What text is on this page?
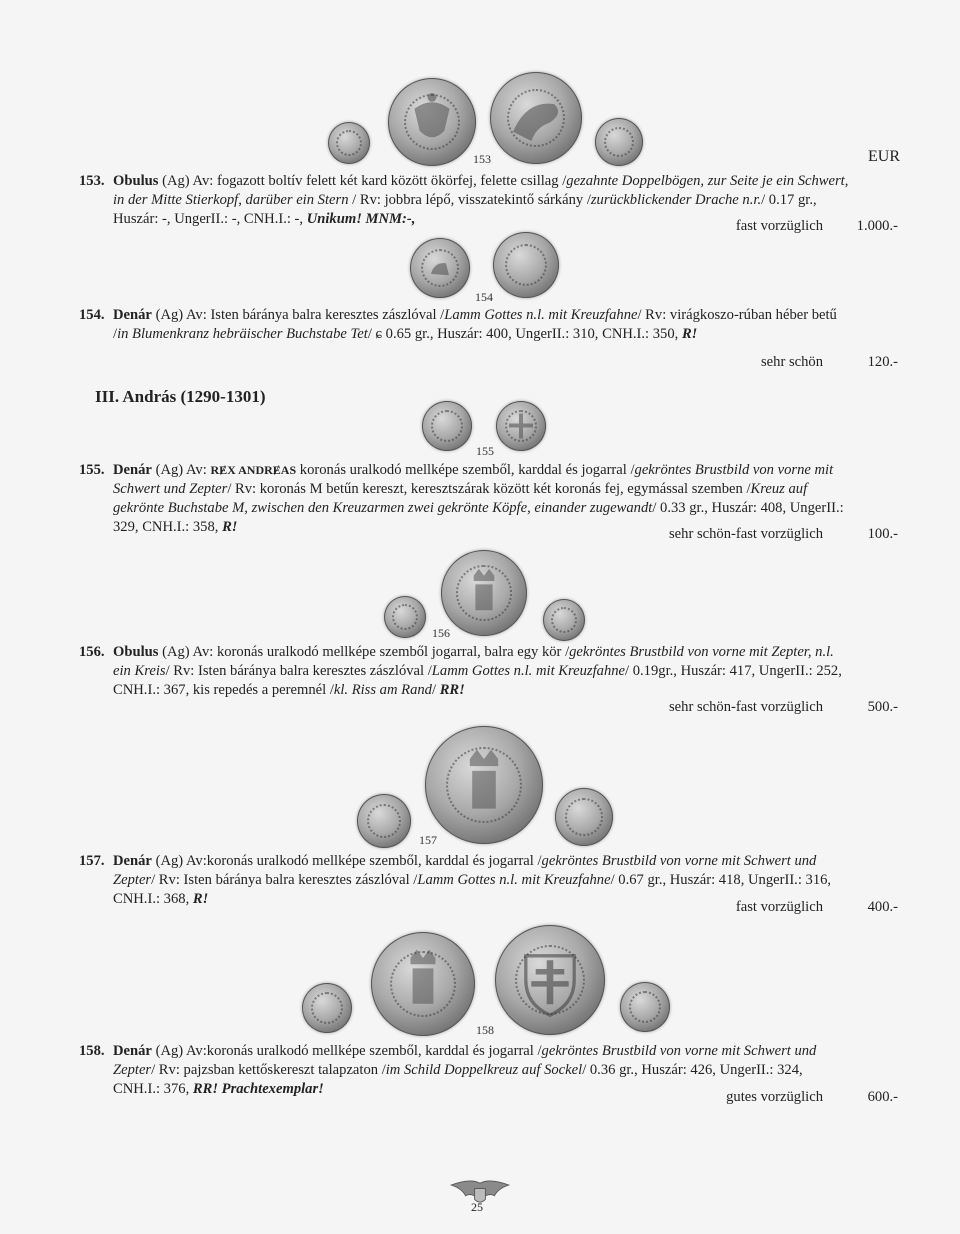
EUR
153
153. Obulus (Ag) Av: fogazott boltív felett két kard között ökörfej, felette csillag /gezahnte Doppelbögen, zur Seite je ein Schwert, in der Mitte Stierkopf, darüber ein Stern / Rv: jobbra lépő, visszatekintő sárkány /zurückblickender Drache n.r./ 0.17 gr., Huszár: -, UngerII.: -, CNH.I.: -, Unikum! MNM:-,	fast vorzüglich	1.000.-
154
154. Denár (Ag) Av: Isten báránya balra keresztes zászlóval /Lamm Gottes n.l. mit Kreuzfahne/ Rv: virágkoszo-rúban héber betű /in Blumenkranz hebräischer Buchstabe Tet/ ɕ 0.65 gr., Huszár: 400, UngerII.: 310, CNH.I.: 350, R!
sehr schön	120.-
III. András (1290-1301)
155
155. Denár (Ag) Av: RɆX ANDRɆAS koronás uralkodó mellképe szemből, karddal és jogarral /gekröntes Brustbild von vorne mit Schwert und Zepter/ Rv: koronás M betűn kereszt, keresztszárak között két koronás fej, egymással szemben /Kreuz auf gekrönte Buchstabe M, zwischen den Kreuzarmen zwei gekrönte Köpfe, einander zugewandt/ 0.33 gr., Huszár: 408, UngerII.: 329, CNH.I.: 358, R!	sehr schön-fast vorzüglich	100.-
156
156. Obulus (Ag) Av: koronás uralkodó mellképe szemből jogarral, balra egy kör /gekröntes Brustbild von vorne mit Zepter, n.l. ein Kreis/ Rv: Isten báránya balra keresztes zászlóval /Lamm Gottes n.l. mit Kreuzfahne/ 0.19gr., Huszár: 417, UngerII.: 252, CNH.I.: 367, kis repedés a peremnél /kl. Riss am Rand/ RR!
sehr schön-fast vorzüglich	500.-
157
157. Denár (Ag) Av:koronás uralkodó mellképe szemből, karddal és jogarral /gekröntes Brustbild von vorne mit Schwert und Zepter/ Rv: Isten báránya balra keresztes zászlóval /Lamm Gottes n.l. mit Kreuzfahne/ 0.67 gr., Huszár: 418, UngerII.: 316, CNH.I.: 368, R!	fast vorzüglich	400.-
158
158. Denár (Ag) Av:koronás uralkodó mellképe szemből, karddal és jogarral /gekröntes Brustbild von vorne mit Schwert und Zepter/ Rv: pajzsban kettőskereszt talapzaton /im Schild Doppelkreuz auf Sockel/ 0.36 gr., Huszár: 426, UngerII.: 324, CNH.I.: 376, RR! Prachtexemplar!	gutes vorzüglich	600.-
25
